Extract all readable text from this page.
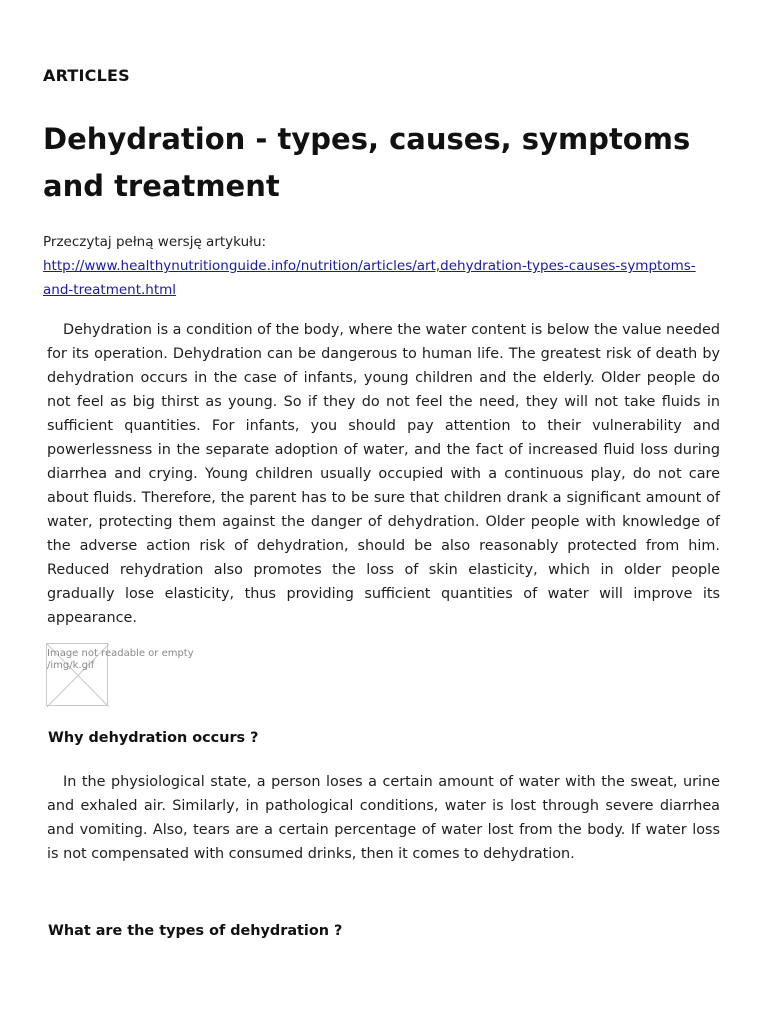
ARTICLES
Dehydration - types, causes, symptoms and treatment
Przeczytaj pełną wersję artykułu:
http://www.healthynutritionguide.info/nutrition/articles/art,dehydration-types-causes-symptoms-and-treatment.html

Dehydration is a condition of the body, where the water content is below the value needed for its operation. Dehydration can be dangerous to human life. The greatest risk of death by dehydration occurs in the case of infants, young children and the elderly. Older people do not feel as big thirst as young. So if they do not feel the need, they will not take fluids in sufficient quantities. For infants, you should pay attention to their vulnerability and powerlessness in the separate adoption of water, and the fact of increased fluid loss during diarrhea and crying. Young children usually occupied with a continuous play, do not care about fluids. Therefore, the parent has to be sure that children drank a significant amount of water, protecting them against the danger of dehydration. Older people with knowledge of the adverse action risk of dehydration, should be also reasonably protected from him. Reduced rehydration also promotes the loss of skin elasticity, which in older people gradually lose elasticity, thus providing sufficient quantities of water will improve its appearance.

Image not readable or empty
/img/k.gif
Why dehydration occurs ?

In the physiological state, a person loses a certain amount of water with the sweat, urine and exhaled air. Similarly, in pathological conditions, water is lost through severe diarrhea and vomiting. Also, tears are a certain percentage of water lost from the body. If water loss is not compensated with consumed drinks, then it comes to dehydration.

What are the types of dehydration ?
